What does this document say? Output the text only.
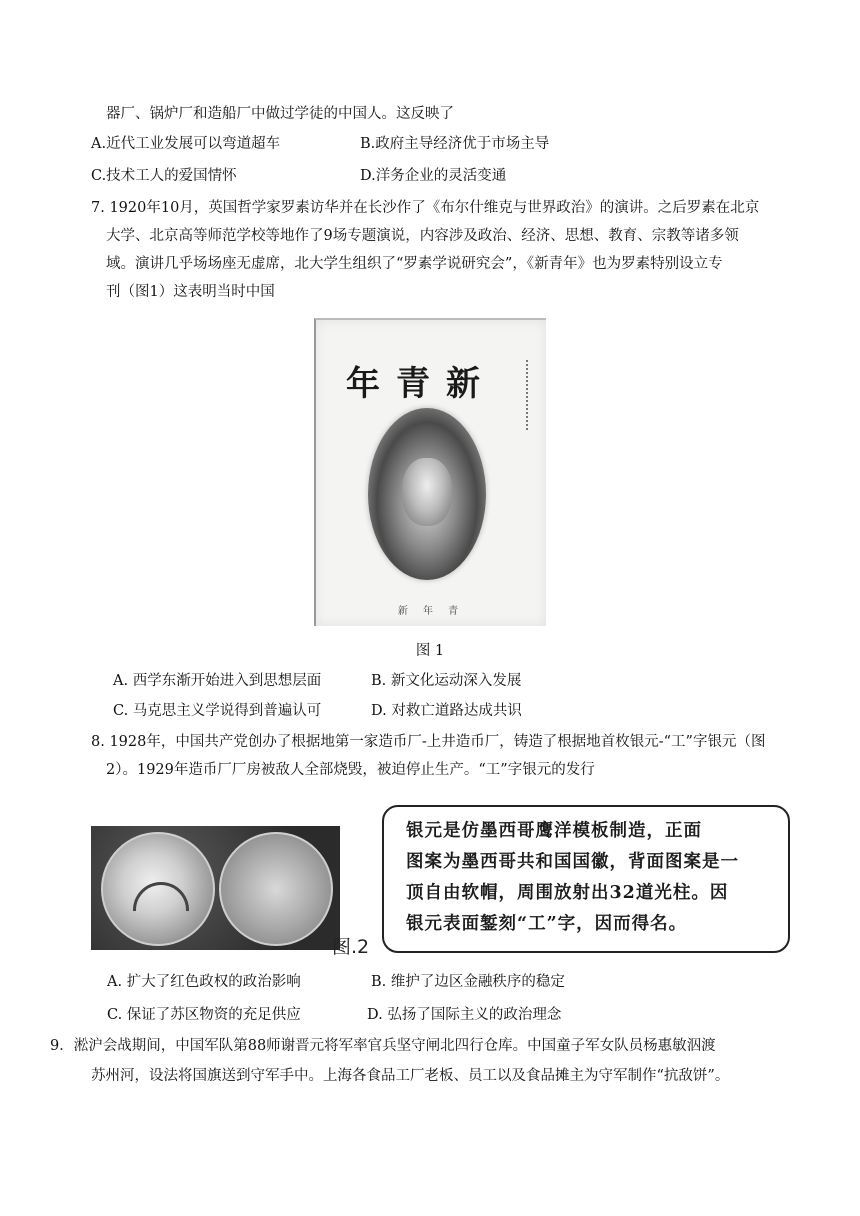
器厂、锅炉厂和造船厂中做过学徒的中国人。这反映了
A.近代工业发展可以弯道超车	B.政府主导经济优于市场主导
C.技术工人的爱国情怀	D.洋务企业的灵活变通
7. 1920年10月，英国哲学家罗素访华并在长沙作了《布尔什维克与世界政治》的演讲。之后罗素在北京
大学、北京高等师范学校等地作了9场专题演说，内容涉及政治、经济、思想、教育、宗教等诸多领
域。演讲几乎场场座无虚席，北大学生组织了“罗素学说研究会”，《新青年》也为罗素特别设立专
刊（图1）这表明当时中国
年青新
新 年 青
图 1
A. 西学东渐开始进入到思想层面	B. 新文化运动深入发展
C. 马克思主义学说得到普遍认可	D. 对救亡道路达成共识
8. 1928年，中国共产党创办了根据地第一家造币厂-上井造币厂，铸造了根据地首枚银元-“工”字银元（图
2）。1929年造币厂厂房被敌人全部烧毁，被迫停止生产。“工”字银元的发行
图.2

银元是仿墨西哥鹰洋模板制造，正面

图案为墨西哥共和国国徽，背面图案是一

顶自由软帽，周围放射出32道光柱。因

银元表面錾刻“工”字，因而得名。

A. 扩大了红色政权的政治影响	B. 维护了边区金融秩序的稳定
C. 保证了苏区物资的充足供应	D. 弘扬了国际主义的政治理念
9．淞沪会战期间，中国军队第88师谢晋元将军率官兵坚守闸北四行仓库。中国童子军女队员杨惠敏泅渡
苏州河，设法将国旗送到守军手中。上海各食品工厂老板、员工以及食品摊主为守军制作“抗敌饼”。
